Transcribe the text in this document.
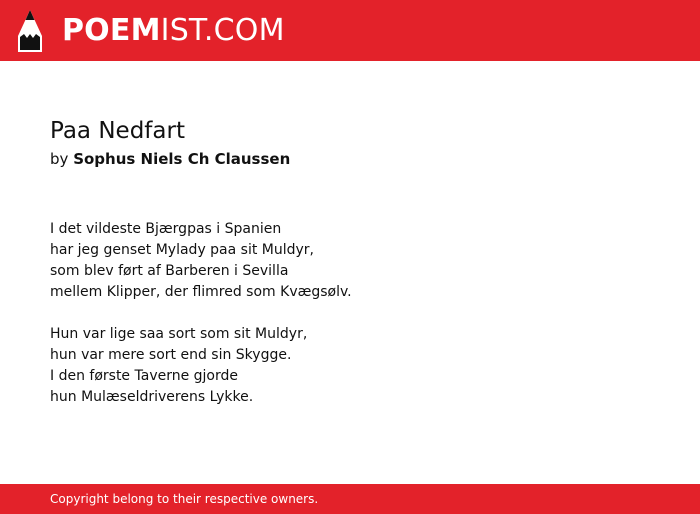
POEMIST.COM
Paa Nedfart
by Sophus Niels Ch Claussen
I det vildeste Bjærgpas i Spanien
har jeg genset Mylady paa sit Muldyr,
som blev ført af Barberen i Sevilla
mellem Klipper, der flimred som Kvægsølv.
Hun var lige saa sort som sit Muldyr,
hun var mere sort end sin Skygge.
I den første Taverne gjorde
hun Mulæseldriverens Lykke.
Copyright belong to their respective owners.
